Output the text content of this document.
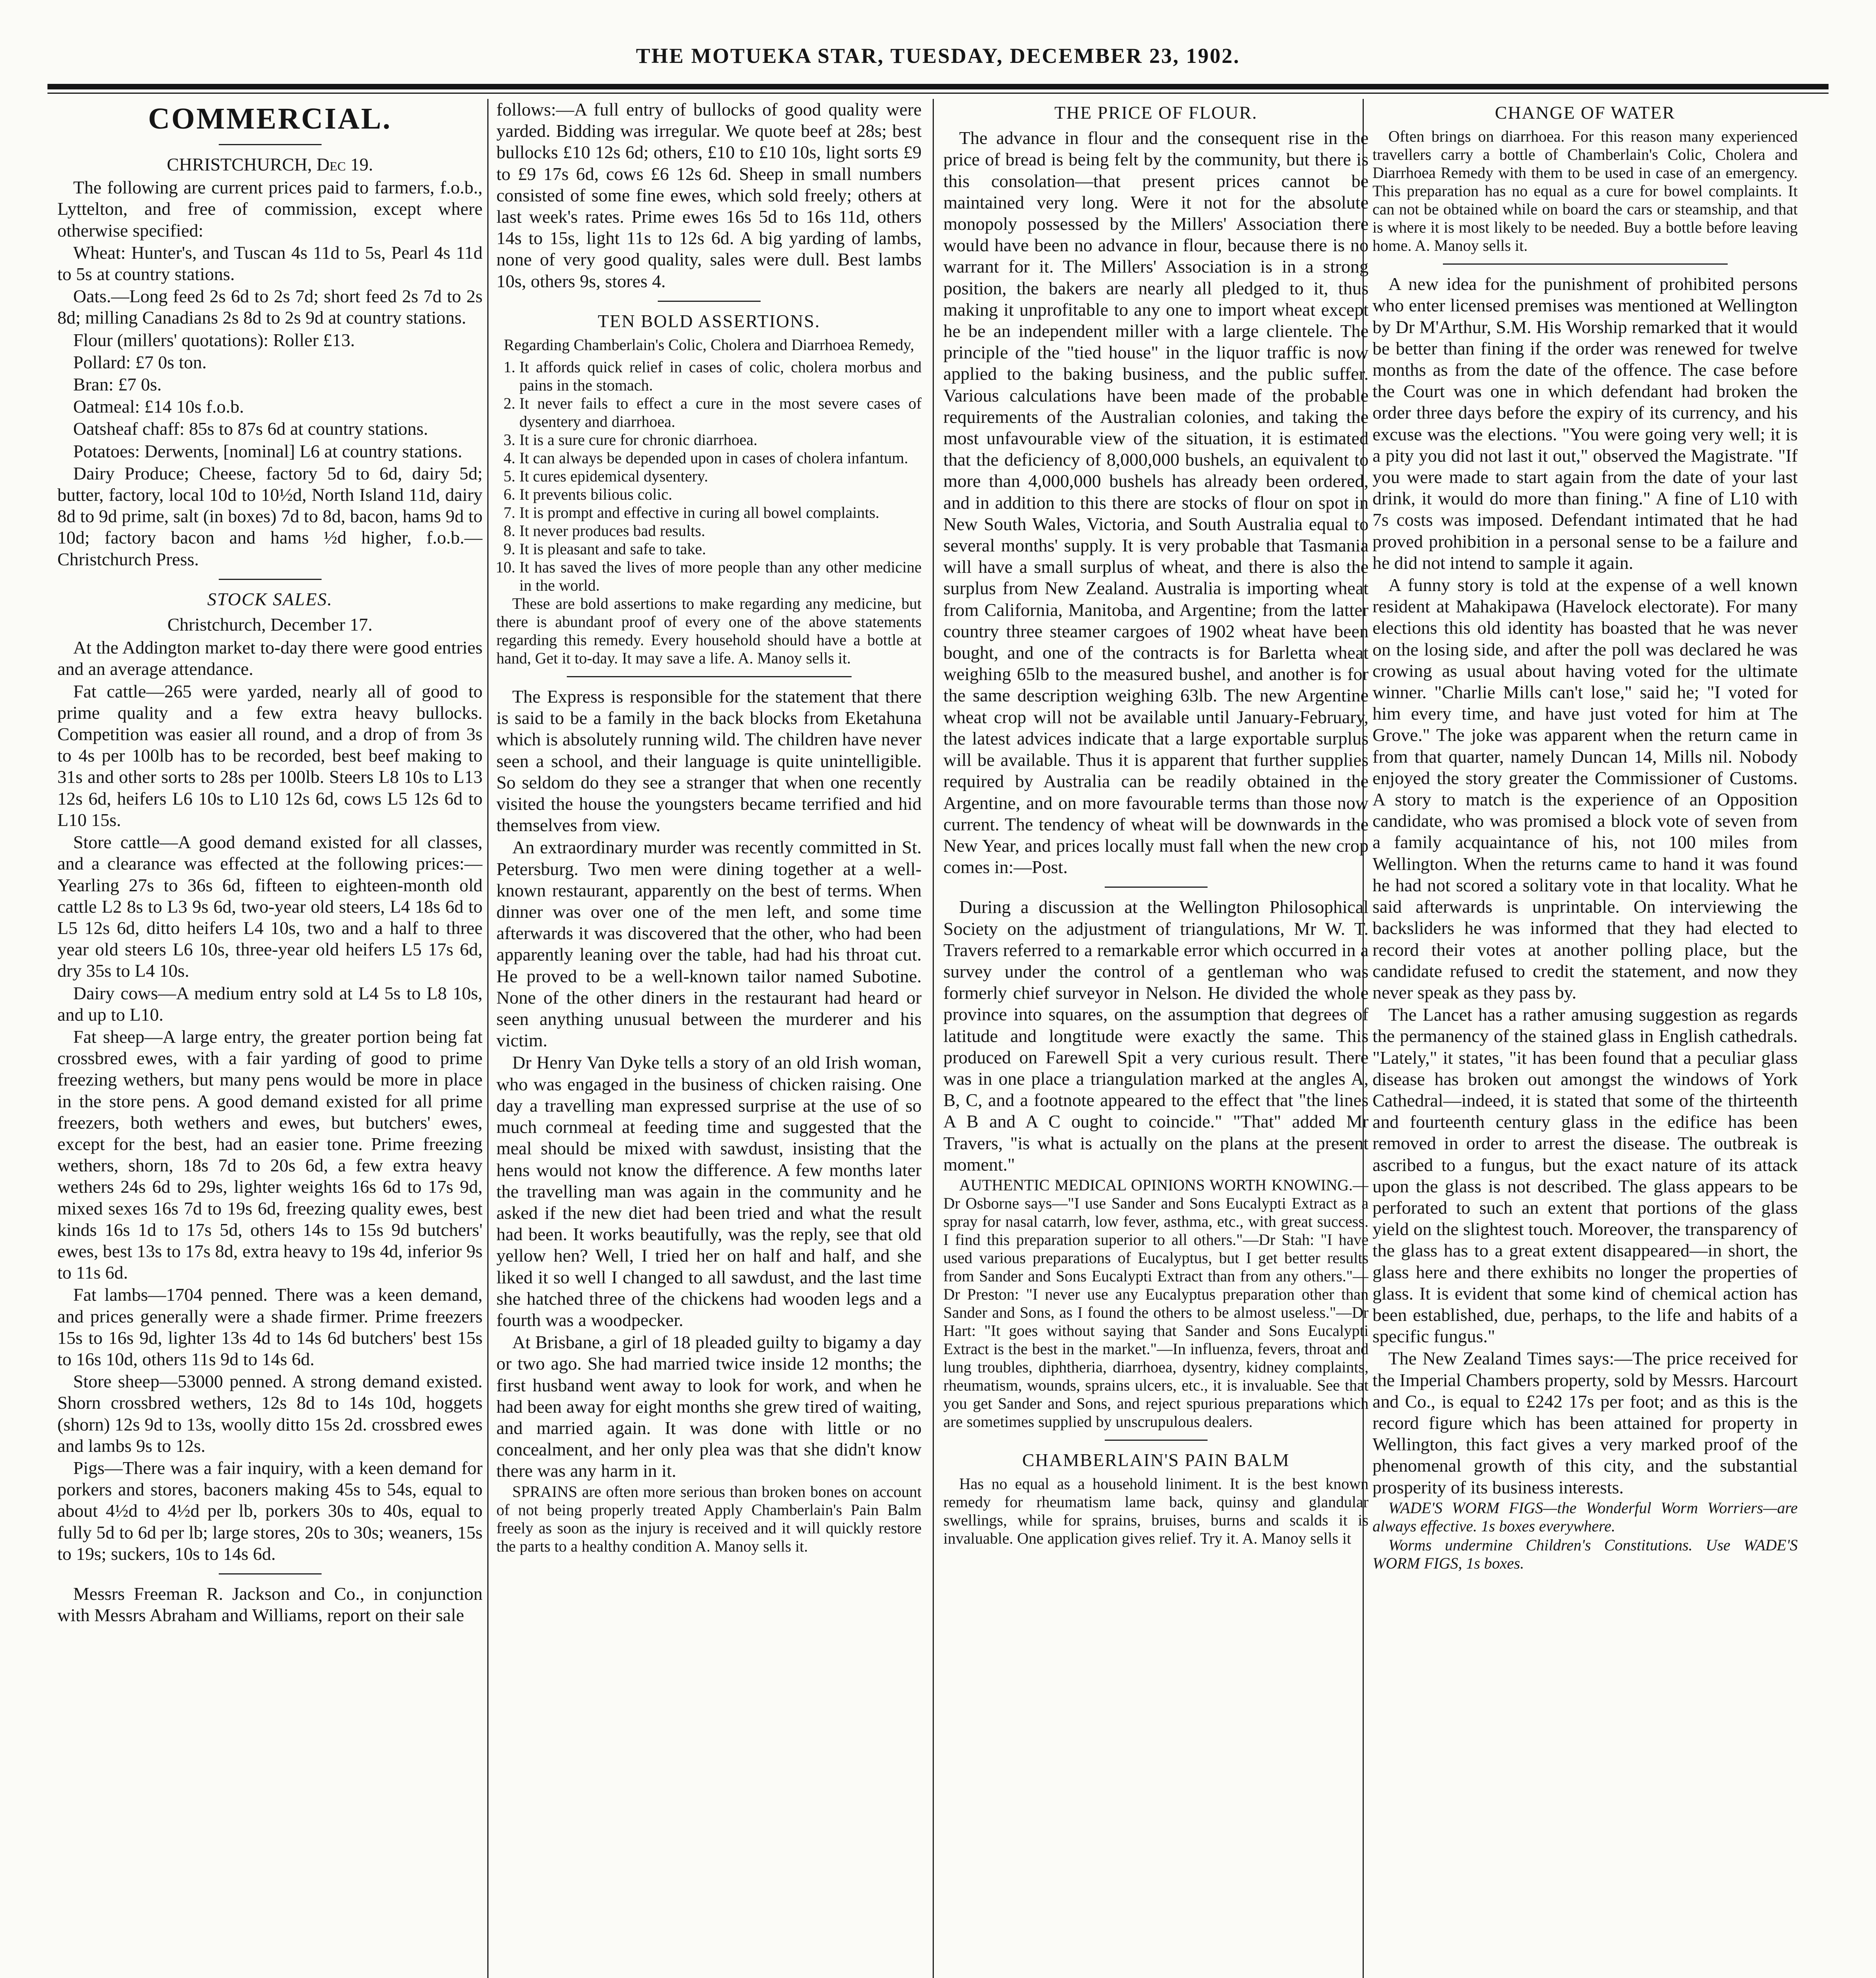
THE MOTUEKA STAR, TUESDAY, DECEMBER 23, 1902.
COMMERCIAL.

CHRISTCHURCH, Dec 19.

The following are current prices paid to farmers, f.o.b., Lyttelton, and free of commission, except where otherwise specified:

Wheat: Hunter's, and Tuscan 4s 11d to 5s, Pearl 4s 11d to 5s at country stations.

Oats.—Long feed 2s 6d to 2s 7d; short feed 2s 7d to 2s 8d; milling Canadians 2s 8d to 2s 9d at country stations.

Flour (millers' quotations): Roller £13.

Pollard: £7 0s ton.

Bran: £7 0s.

Oatmeal: £14 10s f.o.b.

Oatsheaf chaff: 85s to 87s 6d at country stations.

Potatoes: Derwents, [nominal] L6 at country stations.

Dairy Produce; Cheese, factory 5d to 6d, dairy 5d; butter, factory, local 10d to 10½d, North Island 11d, dairy 8d to 9d prime, salt (in boxes) 7d to 8d, bacon, hams 9d to 10d; factory bacon and hams ½d higher, f.o.b.—Christchurch Press.

STOCK SALES.

Christchurch, December 17.

At the Addington market to-day there were good entries and an average attendance.

Fat cattle—265 were yarded, nearly all of good to prime quality and a few extra heavy bullocks. Competition was easier all round, and a drop of from 3s to 4s per 100lb has to be recorded, best beef making to 31s and other sorts to 28s per 100lb. Steers L8 10s to L13 12s 6d, heifers L6 10s to L10 12s 6d, cows L5 12s 6d to L10 15s.

Store cattle—A good demand existed for all classes, and a clearance was effected at the following prices:—Yearling 27s to 36s 6d, fifteen to eighteen-month old cattle L2 8s to L3 9s 6d, two-year old steers, L4 18s 6d to L5 12s 6d, ditto heifers L4 10s, two and a half to three year old steers L6 10s, three-year old heifers L5 17s 6d, dry 35s to L4 10s.

Dairy cows—A medium entry sold at L4 5s to L8 10s, and up to L10.

Fat sheep—A large entry, the greater portion being fat crossbred ewes, with a fair yarding of good to prime freezing wethers, but many pens would be more in place in the store pens. A good demand existed for all prime freezers, both wethers and ewes, but butchers' ewes, except for the best, had an easier tone. Prime freezing wethers, shorn, 18s 7d to 20s 6d, a few extra heavy wethers 24s 6d to 29s, lighter weights 16s 6d to 17s 9d, mixed sexes 16s 7d to 19s 6d, freezing quality ewes, best kinds 16s 1d to 17s 5d, others 14s to 15s 9d butchers' ewes, best 13s to 17s 8d, extra heavy to 19s 4d, inferior 9s to 11s 6d.

Fat lambs—1704 penned. There was a keen demand, and prices generally were a shade firmer. Prime freezers 15s to 16s 9d, lighter 13s 4d to 14s 6d butchers' best 15s to 16s 10d, others 11s 9d to 14s 6d.

Store sheep—53000 penned. A strong demand existed. Shorn crossbred wethers, 12s 8d to 14s 10d, hoggets (shorn) 12s 9d to 13s, woolly ditto 15s 2d. crossbred ewes and lambs 9s to 12s.

Pigs—There was a fair inquiry, with a keen demand for porkers and stores, baconers making 45s to 54s, equal to about 4½d to 4½d per lb, porkers 30s to 40s, equal to fully 5d to 6d per lb; large stores, 20s to 30s; weaners, 15s to 19s; suckers, 10s to 14s 6d.

Messrs Freeman R. Jackson and Co., in conjunction with Messrs Abraham and Williams, report on their sale

follows:—A full entry of bullocks of good quality were yarded. Bidding was irregular. We quote beef at 28s; best bullocks £10 12s 6d; others, £10 to £10 10s, light sorts £9 to £9 17s 6d, cows £6 12s 6d. Sheep in small numbers consisted of some fine ewes, which sold freely; others at last week's rates. Prime ewes 16s 5d to 16s 11d, others 14s to 15s, light 11s to 12s 6d. A big yarding of lambs, none of very good quality, sales were dull. Best lambs 10s, others 9s, stores 4.

TEN BOLD ASSERTIONS.

Regarding Chamberlain's Colic, Cholera and Diarrhoea Remedy,

1. It affords quick relief in cases of colic, cholera morbus and pains in the stomach.
2. It never fails to effect a cure in the most severe cases of dysentery and diarrhoea.
3. It is a sure cure for chronic diarrhoea.
4. It can always be depended upon in cases of cholera infantum.
5. It cures epidemical dysentery.
6. It prevents bilious colic.
7. It is prompt and effective in curing all bowel complaints.
8. It never produces bad results.
9. It is pleasant and safe to take.
10. It has saved the lives of more people than any other medicine in the world.

These are bold assertions to make regarding any medicine, but there is abundant proof of every one of the above statements regarding this remedy. Every household should have a bottle at hand, Get it to-day. It may save a life. A. Manoy sells it.

The Express is responsible for the statement that there is said to be a family in the back blocks from Eketahuna which is absolutely running wild. The children have never seen a school, and their language is quite unintelligible. So seldom do they see a stranger that when one recently visited the house the youngsters became terrified and hid themselves from view.

An extraordinary murder was recently committed in St. Petersburg. Two men were dining together at a well-known restaurant, apparently on the best of terms. When dinner was over one of the men left, and some time afterwards it was discovered that the other, who had been apparently leaning over the table, had had his throat cut. He proved to be a well-known tailor named Subotine. None of the other diners in the restaurant had heard or seen anything unusual between the murderer and his victim.

Dr Henry Van Dyke tells a story of an old Irish woman, who was engaged in the business of chicken raising. One day a travelling man expressed surprise at the use of so much cornmeal at feeding time and suggested that the meal should be mixed with sawdust, insisting that the hens would not know the difference. A few months later the travelling man was again in the community and he asked if the new diet had been tried and what the result had been. It works beautifully, was the reply, see that old yellow hen? Well, I tried her on half and half, and she liked it so well I changed to all sawdust, and the last time she hatched three of the chickens had wooden legs and a fourth was a woodpecker.

At Brisbane, a girl of 18 pleaded guilty to bigamy a day or two ago. She had married twice inside 12 months; the first husband went away to look for work, and when he had been away for eight months she grew tired of waiting, and married again. It was done with little or no concealment, and her only plea was that she didn't know there was any harm in it.

SPRAINS are often more serious than broken bones on account of not being properly treated Apply Chamberlain's Pain Balm freely as soon as the injury is received and it will quickly restore the parts to a healthy condition A. Manoy sells it.

THE PRICE OF FLOUR.

The advance in flour and the consequent rise in the price of bread is being felt by the community, but there is this consolation—that present prices cannot be maintained very long. Were it not for the absolute monopoly possessed by the Millers' Association there would have been no advance in flour, because there is no warrant for it. The Millers' Association is in a strong position, the bakers are nearly all pledged to it, thus making it unprofitable to any one to import wheat except he be an independent miller with a large clientele. The principle of the "tied house" in the liquor traffic is now applied to the baking business, and the public suffer. Various calculations have been made of the probable requirements of the Australian colonies, and taking the most unfavourable view of the situation, it is estimated that the deficiency of 8,000,000 bushels, an equivalent to more than 4,000,000 bushels has already been ordered, and in addition to this there are stocks of flour on spot in New South Wales, Victoria, and South Australia equal to several months' supply. It is very probable that Tasmania will have a small surplus of wheat, and there is also the surplus from New Zealand. Australia is importing wheat from California, Manitoba, and Argentine; from the latter country three steamer cargoes of 1902 wheat have been bought, and one of the contracts is for Barletta wheat weighing 65lb to the measured bushel, and another is for the same description weighing 63lb. The new Argentine wheat crop will not be available until January-February, the latest advices indicate that a large exportable surplus will be available. Thus it is apparent that further supplies required by Australia can be readily obtained in the Argentine, and on more favourable terms than those now current. The tendency of wheat will be downwards in the New Year, and prices locally must fall when the new crop comes in:—Post.

During a discussion at the Wellington Philosophical Society on the adjustment of triangulations, Mr W. T. Travers referred to a remarkable error which occurred in a survey under the control of a gentleman who was formerly chief surveyor in Nelson. He divided the whole province into squares, on the assumption that degrees of latitude and longtitude were exactly the same. This produced on Farewell Spit a very curious result. There was in one place a triangulation marked at the angles A, B, C, and a footnote appeared to the effect that "the lines A B and A C ought to coincide." "That" added Mr Travers, "is what is actually on the plans at the present moment."

AUTHENTIC MEDICAL OPINIONS WORTH KNOWING.—Dr Osborne says—"I use Sander and Sons Eucalypti Extract as a spray for nasal catarrh, low fever, asthma, etc., with great success. I find this preparation superior to all others."—Dr Stah: "I have used various preparations of Eucalyptus, but I get better results from Sander and Sons Eucalypti Extract than from any others."—Dr Preston: "I never use any Eucalyptus preparation other than Sander and Sons, as I found the others to be almost useless."—Dr Hart: "It goes without saying that Sander and Sons Eucalypti Extract is the best in the market."—In influenza, fevers, throat and lung troubles, diphtheria, diarrhoea, dysentry, kidney complaints, rheumatism, wounds, sprains ulcers, etc., it is invaluable. See that you get Sander and Sons, and reject spurious preparations which are sometimes supplied by unscrupulous dealers.

CHAMBERLAIN'S PAIN BALM

Has no equal as a household liniment. It is the best known remedy for rheumatism lame back, quinsy and glandular swellings, while for sprains, bruises, burns and scalds it is invaluable. One application gives relief. Try it. A. Manoy sells it

CHANGE OF WATER

Often brings on diarrhoea. For this reason many experienced travellers carry a bottle of Chamberlain's Colic, Cholera and Diarrhoea Remedy with them to be used in case of an emergency. This preparation has no equal as a cure for bowel complaints. It can not be obtained while on board the cars or steamship, and that is where it is most likely to be needed. Buy a bottle before leaving home. A. Manoy sells it.

A new idea for the punishment of prohibited persons who enter licensed premises was mentioned at Wellington by Dr M'Arthur, S.M. His Worship remarked that it would be better than fining if the order was renewed for twelve months as from the date of the offence. The case before the Court was one in which defendant had broken the order three days before the expiry of its currency, and his excuse was the elections. "You were going very well; it is a pity you did not last it out," observed the Magistrate. "If you were made to start again from the date of your last drink, it would do more than fining." A fine of L10 with 7s costs was imposed. Defendant intimated that he had proved prohibition in a personal sense to be a failure and he did not intend to sample it again.

A funny story is told at the expense of a well known resident at Mahakipawa (Havelock electorate). For many elections this old identity has boasted that he was never on the losing side, and after the poll was declared he was crowing as usual about having voted for the ultimate winner. "Charlie Mills can't lose," said he; "I voted for him every time, and have just voted for him at The Grove." The joke was apparent when the return came in from that quarter, namely Duncan 14, Mills nil. Nobody enjoyed the story greater the Commissioner of Customs. A story to match is the experience of an Opposition candidate, who was promised a block vote of seven from a family acquaintance of his, not 100 miles from Wellington. When the returns came to hand it was found he had not scored a solitary vote in that locality. What he said afterwards is unprintable. On interviewing the backsliders he was informed that they had elected to record their votes at another polling place, but the candidate refused to credit the statement, and now they never speak as they pass by.

The Lancet has a rather amusing suggestion as regards the permanency of the stained glass in English cathedrals. "Lately," it states, "it has been found that a peculiar glass disease has broken out amongst the windows of York Cathedral—indeed, it is stated that some of the thirteenth and fourteenth century glass in the edifice has been removed in order to arrest the disease. The outbreak is ascribed to a fungus, but the exact nature of its attack upon the glass is not described. The glass appears to be perforated to such an extent that portions of the glass yield on the slightest touch. Moreover, the transparency of the glass has to a great extent disappeared—in short, the glass here and there exhibits no longer the properties of glass. It is evident that some kind of chemical action has been established, due, perhaps, to the life and habits of a specific fungus."

The New Zealand Times says:—The price received for the Imperial Chambers property, sold by Messrs. Harcourt and Co., is equal to £242 17s per foot; and as this is the record figure which has been attained for property in Wellington, this fact gives a very marked proof of the phenomenal growth of this city, and the substantial prosperity of its business interests.

WADE'S WORM FIGS—the Wonderful Worm Worriers—are always effective. 1s boxes everywhere.

Worms undermine Children's Constitutions. Use WADE'S WORM FIGS, 1s boxes.
